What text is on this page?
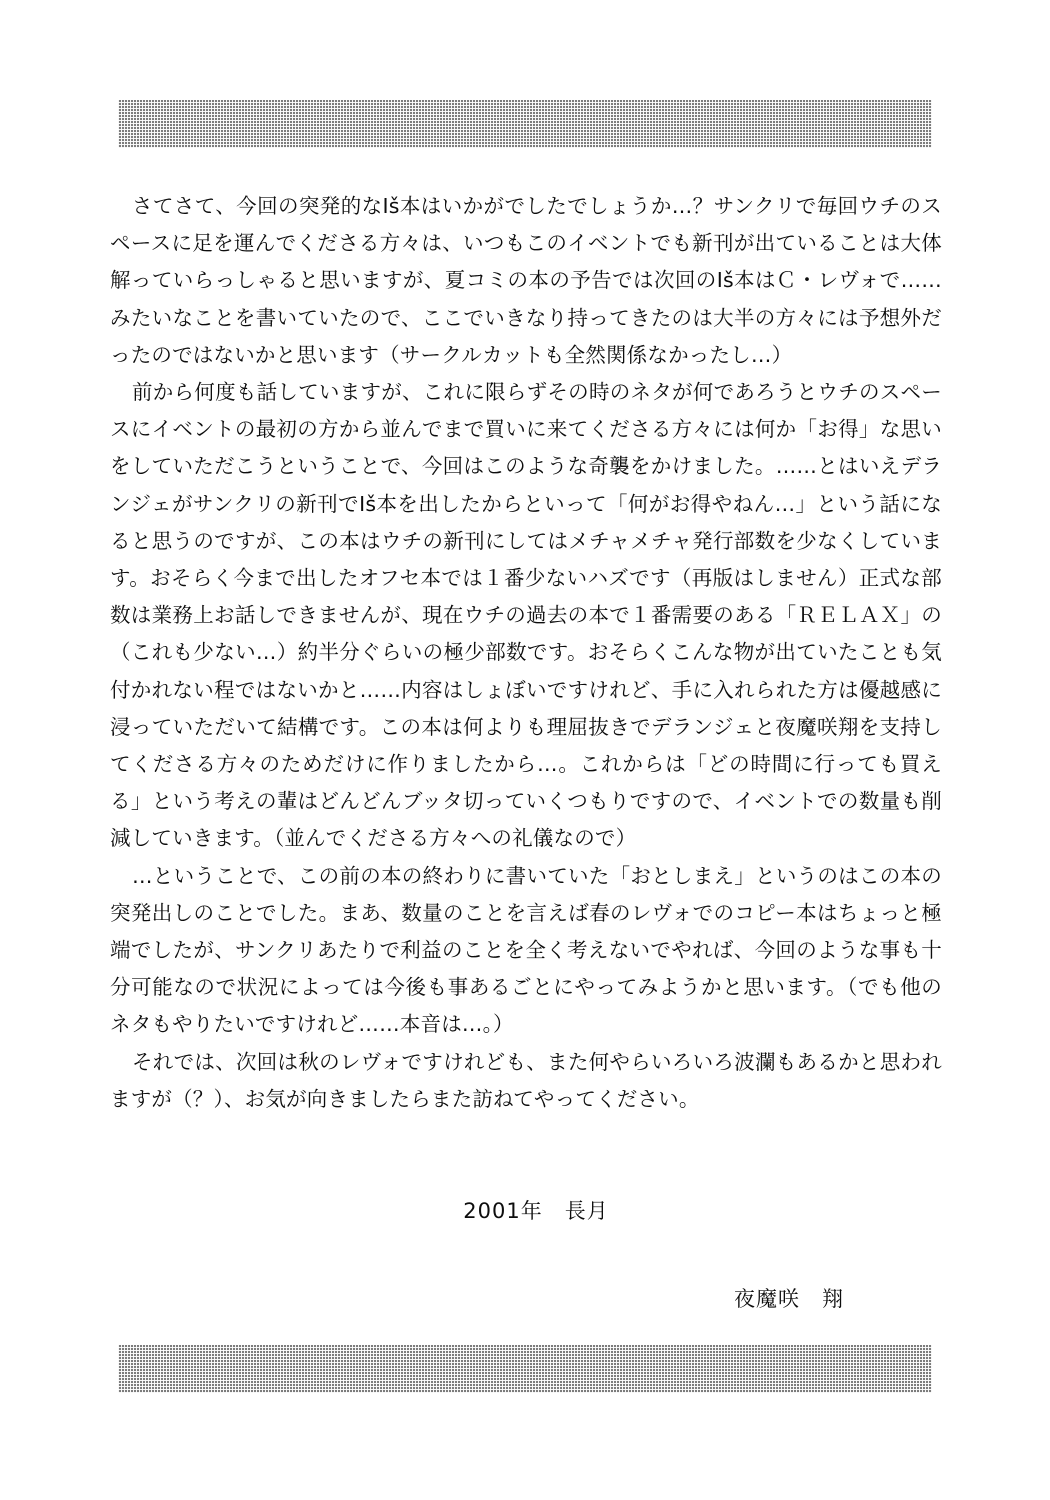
さてさて、今回の突発的なIš本はいかがでしたでしょうか…？サンクリで毎回ウチのスペースに足を運んでくださる方々は、いつもこのイベントでも新刊が出ていることは大体解っていらっしゃると思いますが、夏コミの本の予告では次回のIš本はＣ・レヴォで……みたいなことを書いていたので、ここでいきなり持ってきたのは大半の方々には予想外だったのではないかと思います（サークルカットも全然関係なかったし…）

前から何度も話していますが、これに限らずその時のネタが何であろうとウチのスペースにイベントの最初の方から並んでまで買いに来てくださる方々には何か「お得」な思いをしていただこうということで、今回はこのような奇襲をかけました。……とはいえデランジェがサンクリの新刊でIš本を出したからといって「何がお得やねん…」という話になると思うのですが、この本はウチの新刊にしてはメチャメチャ発行部数を少なくしています。おそらく今まで出したオフセ本では１番少ないハズです（再版はしません）正式な部数は業務上お話しできませんが、現在ウチの過去の本で１番需要のある「ＲＥＬＡＸ」の（これも少ない…）約半分ぐらいの極少部数です。おそらくこんな物が出ていたことも気付かれない程ではないかと……内容はしょぼいですけれど、手に入れられた方は優越感に浸っていただいて結構です。この本は何よりも理屈抜きでデランジェと夜魔咲翔を支持してくださる方々のためだけに作りましたから…。これからは「どの時間に行っても買える」という考えの輩はどんどんブッタ切っていくつもりですので、イベントでの数量も削減していきます。（並んでくださる方々への礼儀なので）

…ということで、この前の本の終わりに書いていた「おとしまえ」というのはこの本の突発出しのことでした。まあ、数量のことを言えば春のレヴォでのコピー本はちょっと極端でしたが、サンクリあたりで利益のことを全く考えないでやれば、今回のような事も十分可能なので状況によっては今後も事あるごとにやってみようかと思います。（でも他のネタもやりたいですけれど……本音は…。）

それでは、次回は秋のレヴォですけれども、また何やらいろいろ波瀾もあるかと思われますが（？）、お気が向きましたらまた訪ねてやってください。

2001年　長月
夜魔咲　翔
